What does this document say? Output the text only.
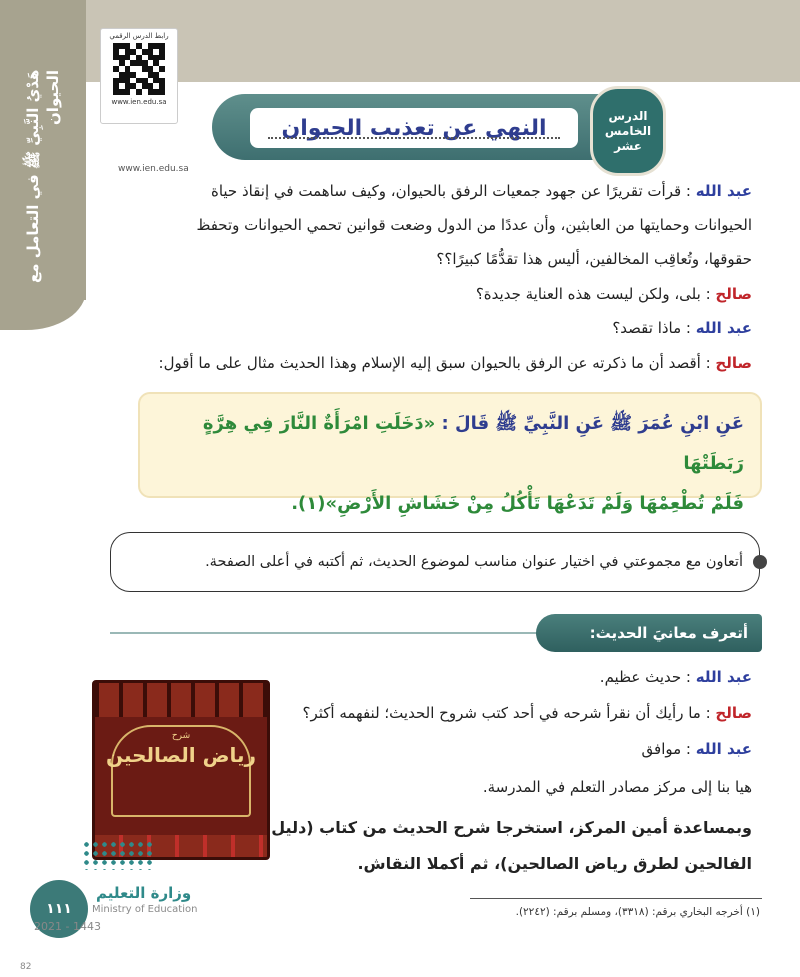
هَدْيُ النَّبِيِّ ﷺ في التعامل مع الحيوان
رابط الدرس الرقمي
www.ien.edu.sa
www.ien.edu.sa
النهي عن تعذيب الحيوان	الدرس
الخامس
عشر
عبد الله : قرأت تقريرًا عن جهود جمعيات الرفق بالحيوان، وكيف ساهمت في إنقاذ حياة
الحيوانات وحمايتها من العابثين، وأن عددًا من الدول وضعت قوانين تحمي الحيوانات وتحفظ
حقوقها، وتُعاقِب المخالفين، أليس هذا تقدُّمًا كبيرًا؟؟
صالح : بلى، ولكن ليست هذه العناية جديدة؟
عبد الله : ماذا تقصد؟
صالح : أقصد أن ما ذكرته عن الرفق بالحيوان سبق إليه الإسلام وهذا الحديث مثال على ما أقول:
عَنِ ابْنِ عُمَرَ ﷺ عَنِ النَّبِيِّ ﷺ قَالَ : «دَخَلَتِ امْرَأَةٌ النَّارَ فِي هِرَّةٍ رَبَطَتْهَا
فَلَمْ تُطْعِمْهَا وَلَمْ تَدَعْهَا تَأْكُلُ مِنْ خَشَاشِ الأَرْضِ»(١).
أتعاون مع مجموعتي في اختيار عنوان مناسب لموضوع الحديث، ثم أكتبه في أعلى الصفحة.
أتعرف معانيَ الحديث:
عبد الله : حديث عظيم.
صالح : ما رأيك أن نقرأ شرحه في أحد كتب شروح الحديث؛ لنفهمه أكثر؟
عبد الله : موافق
هيا بنا إلى مركز مصادر التعلم في المدرسة.
وبمساعدة أمين المركز، استخرجا شرح الحديث من كتاب (دليل
الفالحين لطرق رياض الصالحين)، ثم أكملا النقاش.
شرح
رياض الصالحين
(١) أخرجه البخاري برقم: (٣٣١٨)، ومسلم برقم: (٢٢٤٢).
١١١
وزارة التعليم
Ministry of Education
2021 - 1443
82
